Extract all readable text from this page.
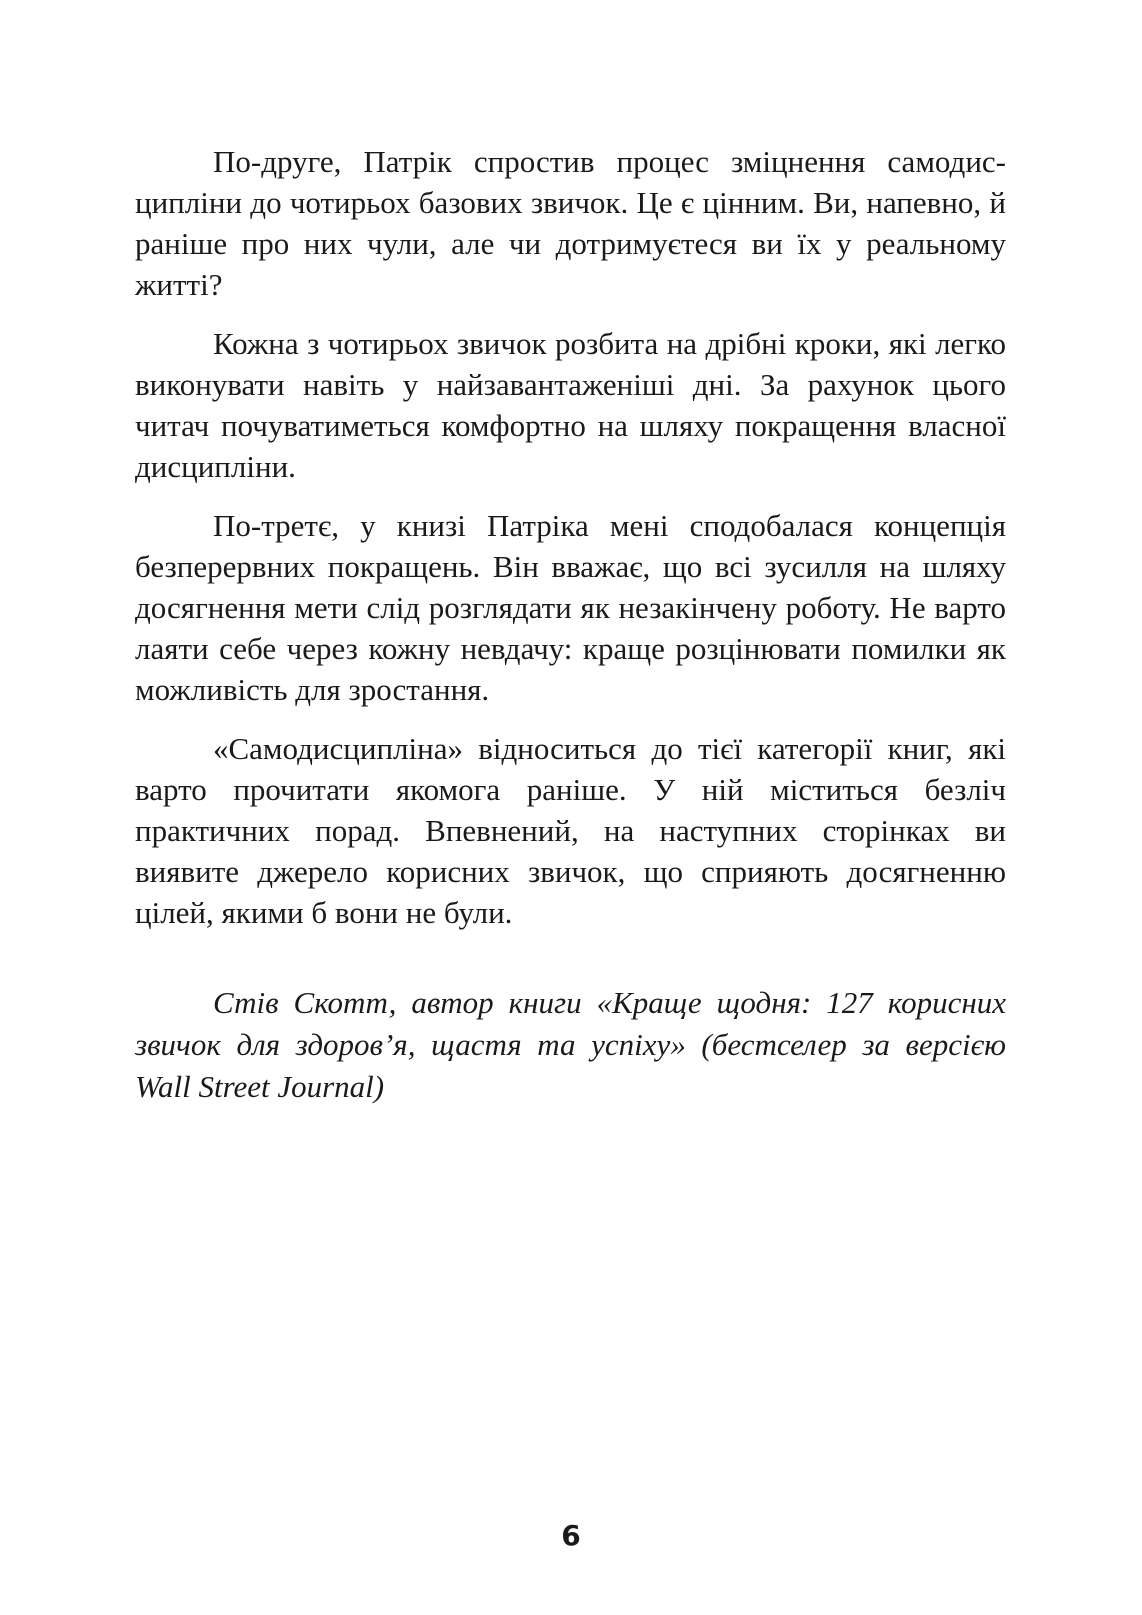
По-друге, Патрік спростив процес зміцнення самодисципліни до чотирьох базових звичок. Це є цінним. Ви, напевно, й раніше про них чули, але чи дотримуєтеся ви їх у реальному житті?

Кожна з чотирьох звичок розбита на дрібні кроки, які легко виконувати навіть у найзавантаженіші дні. За рахунок цього читач почуватиметься комфортно на шляху покращення власної дисципліни.

По-третє, у книзі Патріка мені сподобалася концепція безперервних покращень. Він вважає, що всі зусилля на шляху досягнення мети слід розглядати як незакінчену роботу. Не варто лаяти себе через кожну невдачу: краще розцінювати помилки як можливість для зростання.

«Самодисципліна» відноситься до тієї категорії книг, які варто прочитати якомога раніше. У ній міститься безліч практичних порад. Впевнений, на наступних сторінках ви виявите джерело корисних звичок, що сприяють досягненню цілей, якими б вони не були.

Стів Скотт, автор книги «Краще щодня: 127 корисних звичок для здоров’я, щастя та успіху» (бестселер за версією Wall Street Journal)

6
